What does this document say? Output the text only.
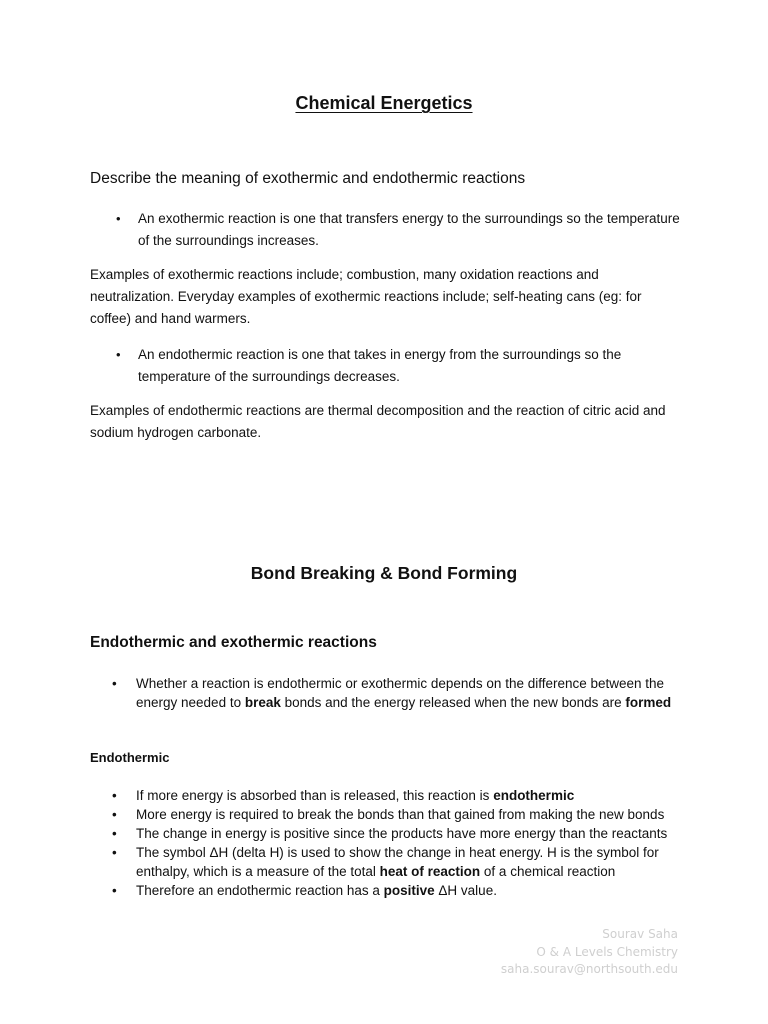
Chemical Energetics
Describe the meaning of exothermic and endothermic reactions
• An exothermic reaction is one that transfers energy to the surroundings so the temperature of the surroundings increases.
Examples of exothermic reactions include; combustion, many oxidation reactions and neutralization. Everyday examples of exothermic reactions include; self-heating cans (eg: for coffee) and hand warmers.
• An endothermic reaction is one that takes in energy from the surroundings so the temperature of the surroundings decreases.
Examples of endothermic reactions are thermal decomposition and the reaction of citric acid and sodium hydrogen carbonate.
Bond Breaking & Bond Forming
Endothermic and exothermic reactions
• Whether a reaction is endothermic or exothermic depends on the difference between the energy needed to break bonds and the energy released when the new bonds are formed
Endothermic
• If more energy is absorbed than is released, this reaction is endothermic
• More energy is required to break the bonds than that gained from making the new bonds
• The change in energy is positive since the products have more energy than the reactants
• The symbol ΔH (delta H) is used to show the change in heat energy. H is the symbol for enthalpy, which is a measure of the total heat of reaction of a chemical reaction
• Therefore an endothermic reaction has a positive ΔH value.
Sourav Saha
O & A Levels Chemistry
saha.sourav@northsouth.edu
